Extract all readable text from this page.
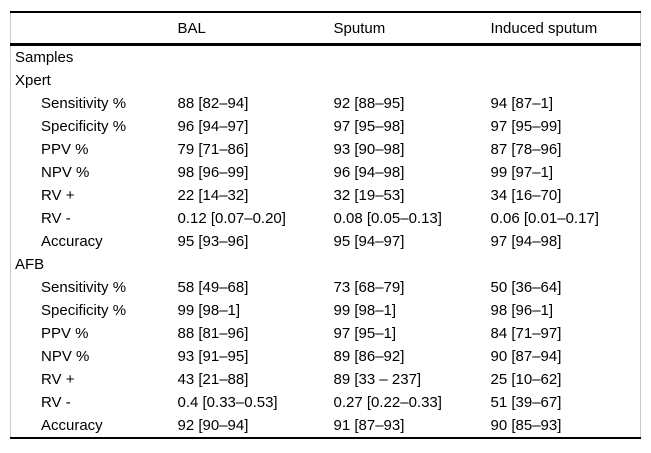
	BAL	Sputum	Induced sputum
Samples			
Xpert			
Sensitivity %	88 [82–94]	92 [88–95]	94 [87–1]
Specificity %	96 [94–97]	97 [95–98]	97 [95–99]
PPV %	79 [71–86]	93 [90–98]	87 [78–96]
NPV %	98 [96–99]	96 [94–98]	99 [97–1]
RV +	22 [14–32]	32 [19–53]	34 [16–70]
RV -	0.12 [0.07–0.20]	0.08 [0.05–0.13]	0.06 [0.01–0.17]
Accuracy	95 [93–96]	95 [94–97]	97 [94–98]
AFB			
Sensitivity %	58 [49–68]	73 [68–79]	50 [36–64]
Specificity %	99 [98–1]	99 [98–1]	98 [96–1]
PPV %	88 [81–96]	97 [95–1]	84 [71–97]
NPV %	93 [91–95]	89 [86–92]	90 [87–94]
RV +	43 [21–88]	89 [33 – 237]	25 [10–62]
RV -	0.4 [0.33–0.53]	0.27 [0.22–0.33]	51 [39–67]
Accuracy	92 [90–94]	91 [87–93]	90 [85–93]
